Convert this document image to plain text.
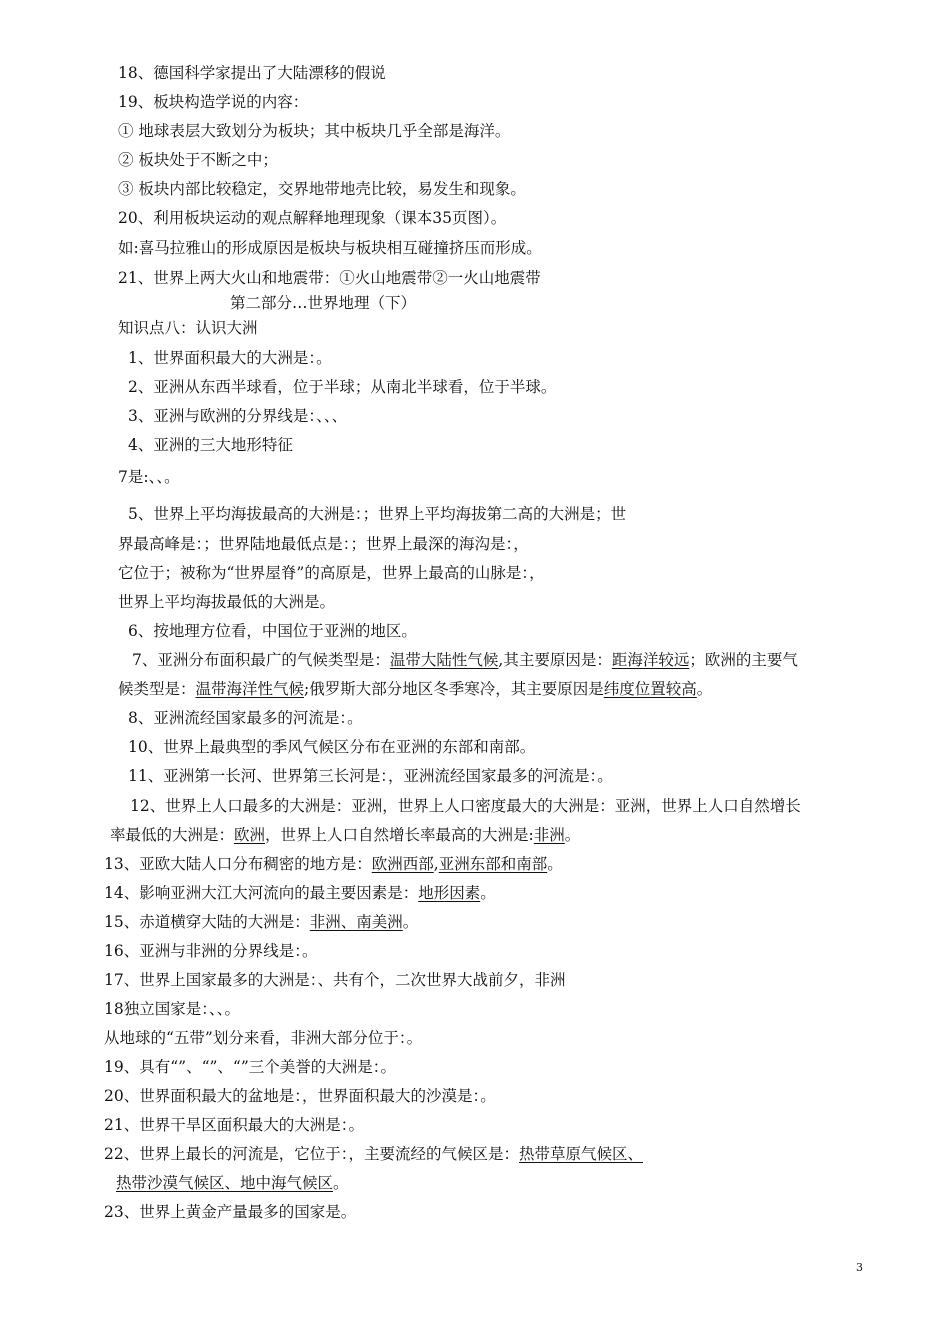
18、德国科学家提出了大陆漂移的假说
19、板块构造学说的内容：
① 地球表层大致划分为板块；其中板块几乎全部是海洋。
② 板块处于不断之中；
③ 板块内部比较稳定，交界地带地壳比较，易发生和现象。
20、利用板块运动的观点解释地理现象（课本35页图）。
如:喜马拉雅山的形成原因是板块与板块相互碰撞挤压而形成。
21、世界上两大火山和地震带：①火山地震带②一火山地震带
第二部分…世界地理（下）
知识点八：认识大洲
1、世界面积最大的大洲是：。
2、亚洲从东西半球看，位于半球；从南北半球看，位于半球。
3、亚洲与欧洲的分界线是：、、、
4、亚洲的三大地形特征
7是:、、。
5、世界上平均海拔最高的大洲是：；世界上平均海拔第二高的大洲是；世
界最高峰是：；世界陆地最低点是：；世界上最深的海沟是：，
它位于；被称为“世界屋脊”的高原是，世界上最高的山脉是：，
世界上平均海拔最低的大洲是。
6、按地理方位看，中国位于亚洲的地区。
7、亚洲分布面积最广的气候类型是：温带大陆性气候,其主要原因是：距海洋较远；欧洲的主要气
候类型是：温带海洋性气候;俄罗斯大部分地区冬季寒冷，其主要原因是纬度位置较高。
8、亚洲流经国家最多的河流是：。
10、世界上最典型的季风气候区分布在亚洲的东部和南部。
11、亚洲第一长河、世界第三长河是：，亚洲流经国家最多的河流是：。
12、世界上人口最多的大洲是：亚洲，世界上人口密度最大的大洲是：亚洲，世界上人口自然增长
率最低的大洲是：欧洲，世界上人口自然增长率最高的大洲是:非洲。
13、亚欧大陆人口分布稠密的地方是：欧洲西部,亚洲东部和南部。
14、影响亚洲大江大河流向的最主要因素是：地形因素。
15、赤道横穿大陆的大洲是：非洲、南美洲。
16、亚洲与非洲的分界线是：。
17、世界上国家最多的大洲是：、共有个，二次世界大战前夕，非洲
18独立国家是：、、。
从地球的“五带”划分来看，非洲大部分位于：。
19、具有“”、“”、“”三个美誉的大洲是：。
20、世界面积最大的盆地是：，世界面积最大的沙漠是：。
21、世界干旱区面积最大的大洲是：。
22、世界上最长的河流是，它位于：，主要流经的气候区是：热带草原气候区、
热带沙漠气候区、地中海气候区。
23、世界上黄金产量最多的国家是。
3
